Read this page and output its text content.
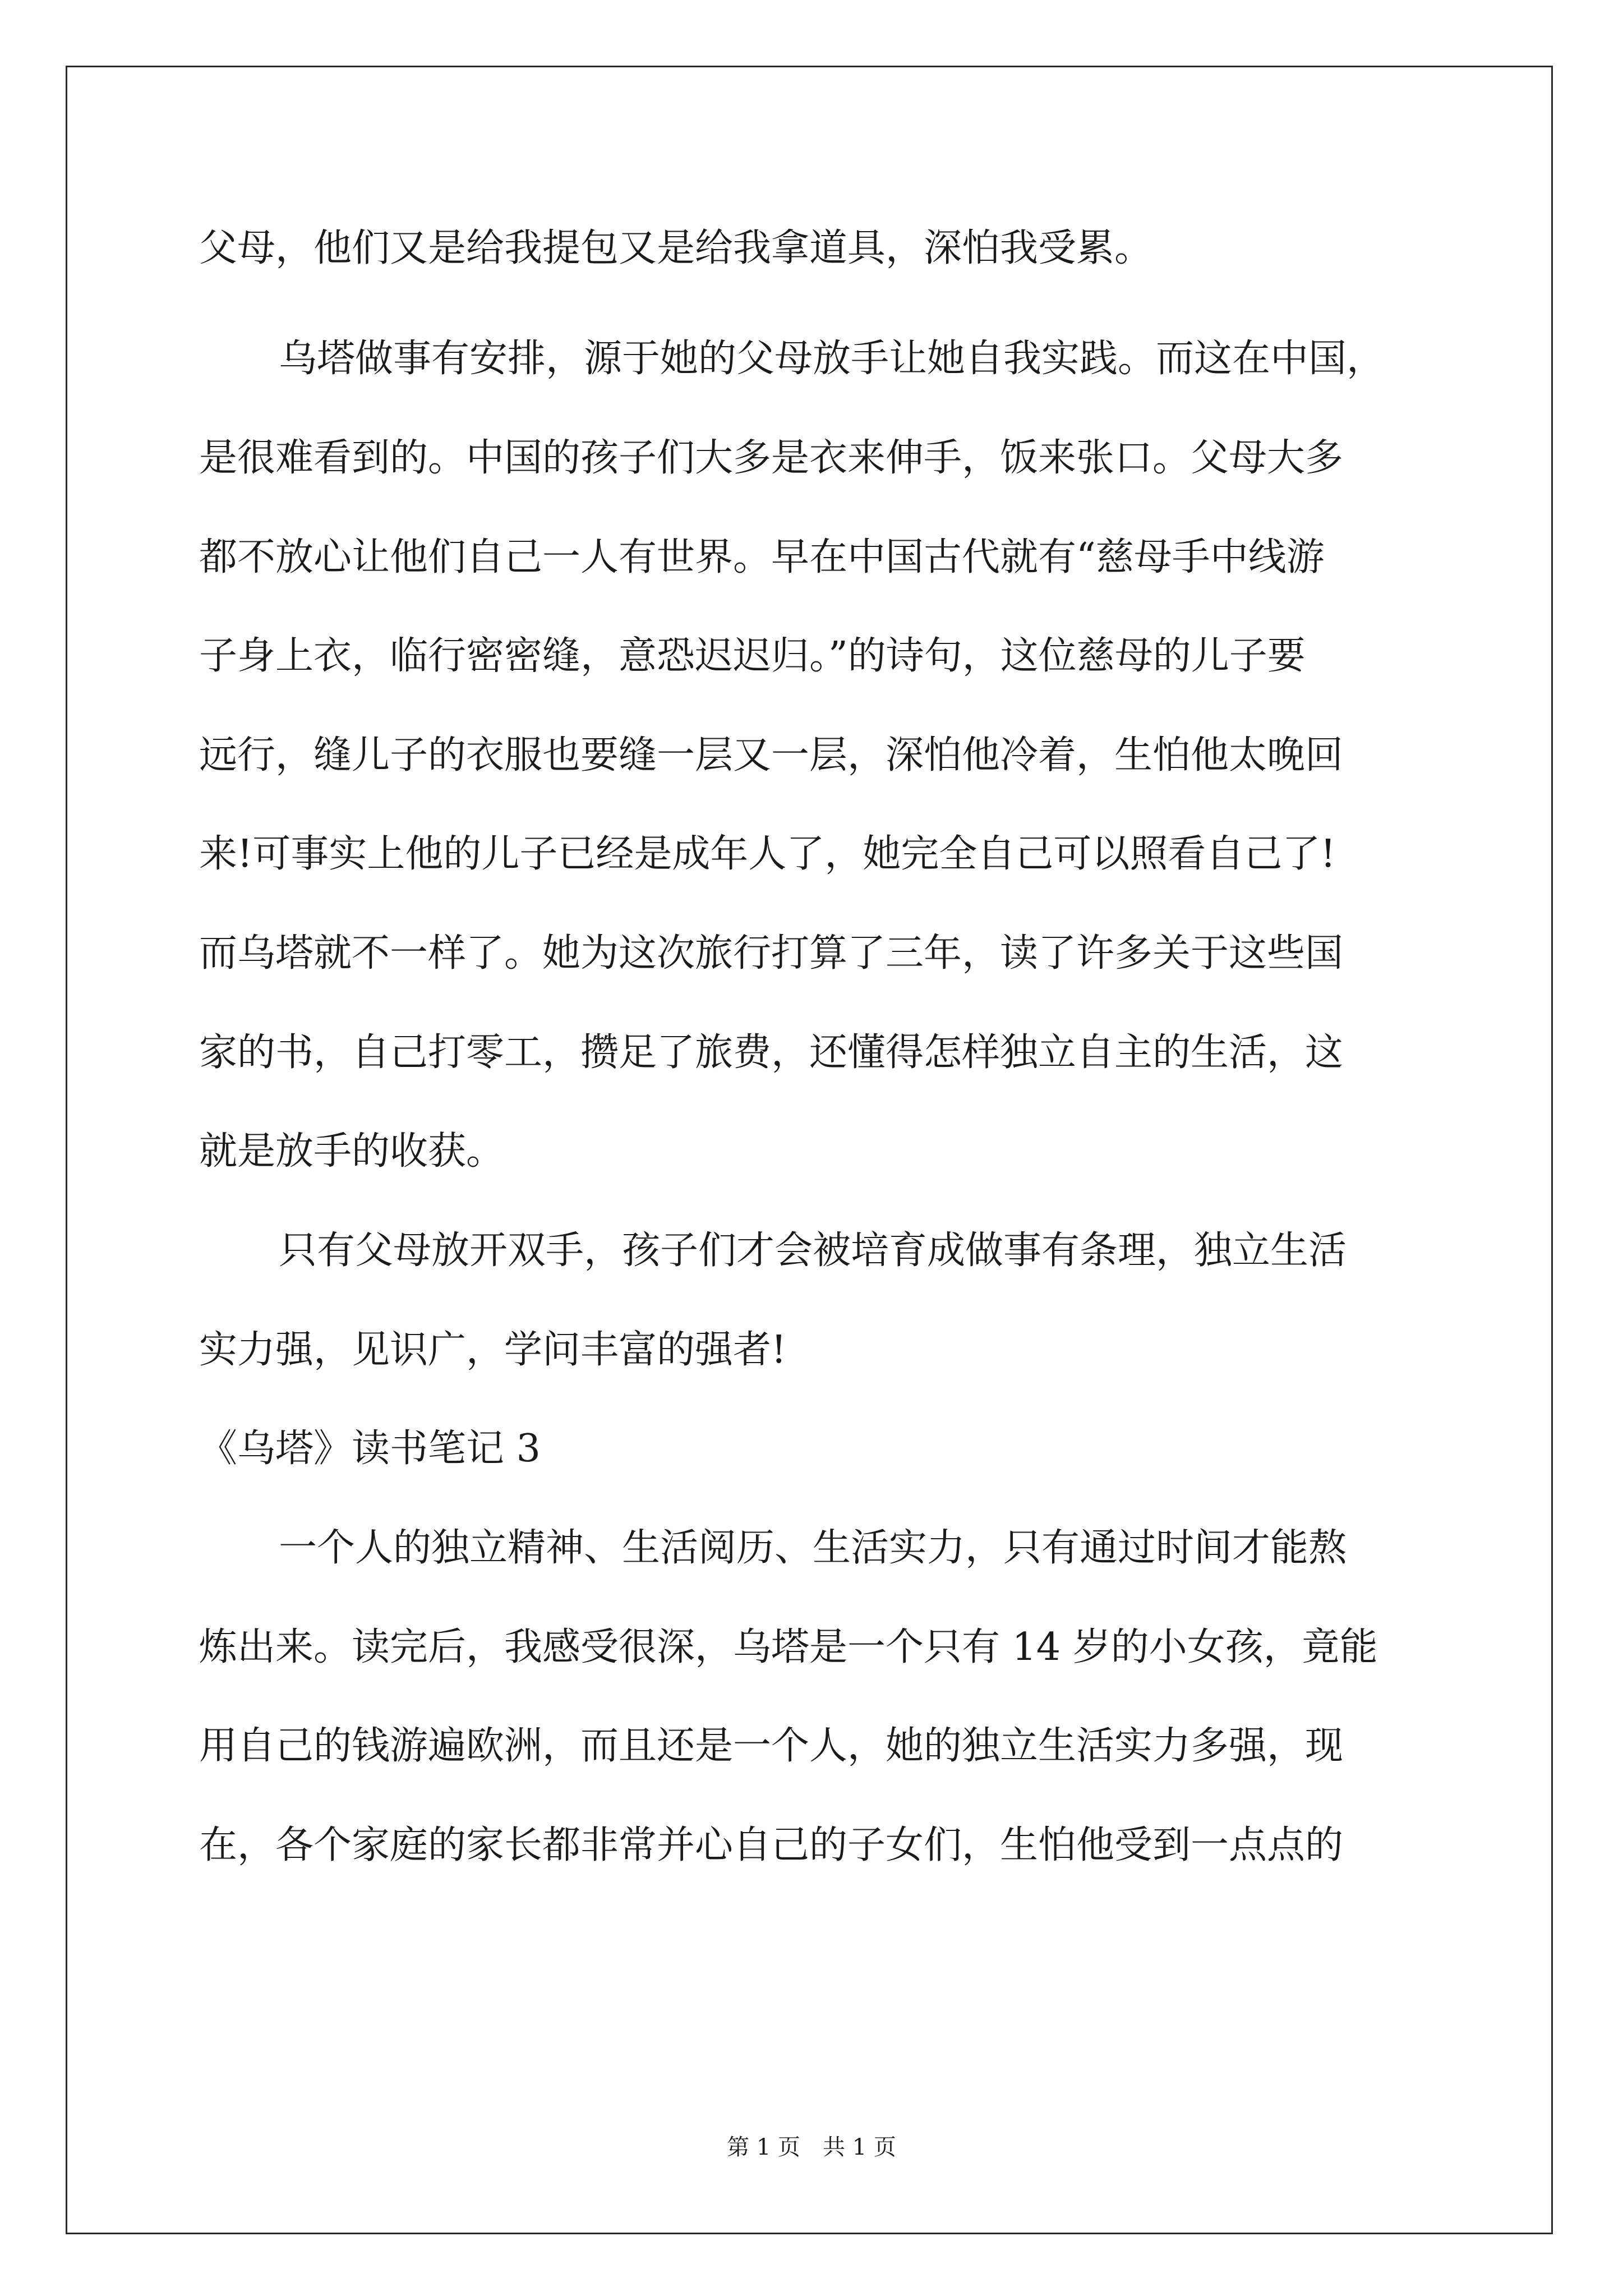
父母，他们又是给我提包又是给我拿道具，深怕我受累。

乌塔做事有安排，源于她的父母放手让她自我实践。而这在中国，

是很难看到的。中国的孩子们大多是衣来伸手，饭来张口。父母大多

都不放心让他们自己一人有世界。早在中国古代就有“慈母手中线游

子身上衣，临行密密缝，意恐迟迟归。”的诗句，这位慈母的儿子要

远行，缝儿子的衣服也要缝一层又一层，深怕他冷着，生怕他太晚回

来!可事实上他的儿子已经是成年人了，她完全自己可以照看自己了!

而乌塔就不一样了。她为这次旅行打算了三年，读了许多关于这些国

家的书，自己打零工，攒足了旅费，还懂得怎样独立自主的生活，这

就是放手的收获。

只有父母放开双手，孩子们才会被培育成做事有条理，独立生活

实力强，见识广，学问丰富的强者!

《乌塔》读书笔记 3

一个人的独立精神、生活阅历、生活实力，只有通过时间才能熬

炼出来。读完后，我感受很深，乌塔是一个只有 14 岁的小女孩，竟能

用自己的钱游遍欧洲，而且还是一个人，她的独立生活实力多强，现

在，各个家庭的家长都非常并心自己的子女们，生怕他受到一点点的

第 1 页 共 1 页
